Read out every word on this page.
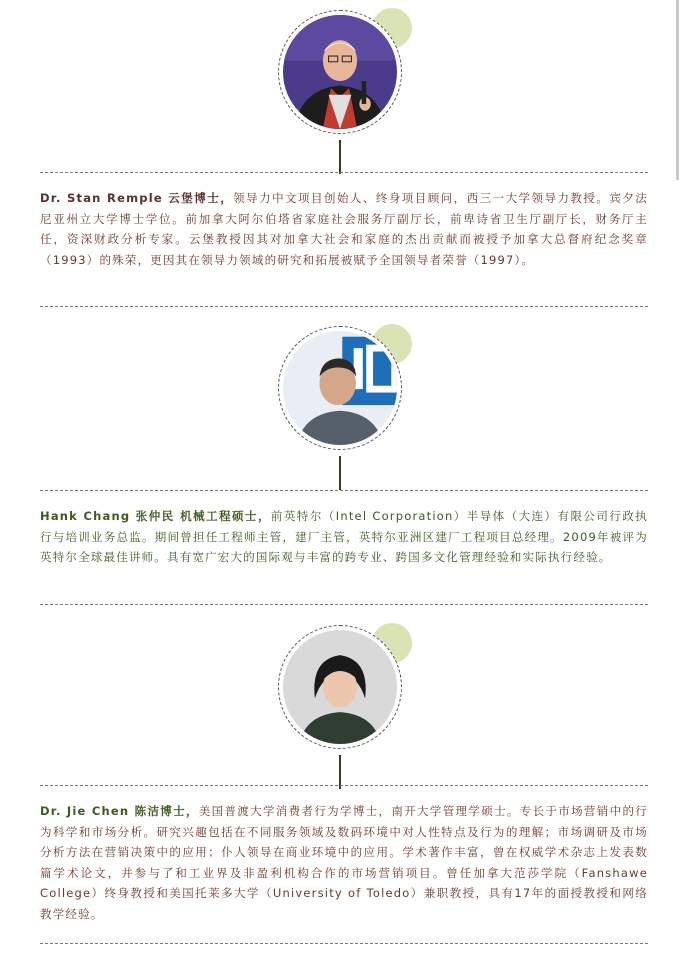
Dr. Stan Remple 云堡博士，领导力中文项目创始人、终身项目顾问，西三一大学领导力教授。宾夕法尼亚州立大学博士学位。前加拿大阿尔伯塔省家庭社会服务厅副厅长，前卑诗省卫生厅副厅长，财务厅主任，资深财政分析专家。云堡教授因其对加拿大社会和家庭的杰出贡献而被授予加拿大总督府纪念奖章 （1993）的殊荣，更因其在领导力领域的研究和拓展被赋予全国领导者荣誉（1997）。
Hank Chang 张仲民 机械工程硕士，前英特尔（Intel Corporation）半导体（大连）有限公司行政执行与培训业务总监。期间曾担任工程师主管，建厂主管，英特尔亚洲区建厂工程项目总经理。2009年被评为英特尔全球最佳讲师。具有宽广宏大的国际观与丰富的跨专业、跨国多文化管理经验和实际执行经验。
Dr. Jie Chen 陈洁博士，美国普渡大学消费者行为学博士，南开大学管理学硕士。专长于市场营销中的行为科学和市场分析。研究兴趣包括在不同服务领域及数码环境中对人性特点及行为的理解；市场调研及市场分析方法在营销决策中的应用；仆人领导在商业环境中的应用。学术著作丰富，曾在权威学术杂志上发表数篇学术论文，并参与了和工业界及非盈利机构合作的市场营销项目。曾任加拿大范莎学院（Fanshawe College）终身教授和美国托莱多大学（University of Toledo）兼职教授，具有17年的面授教授和网络教学经验。
